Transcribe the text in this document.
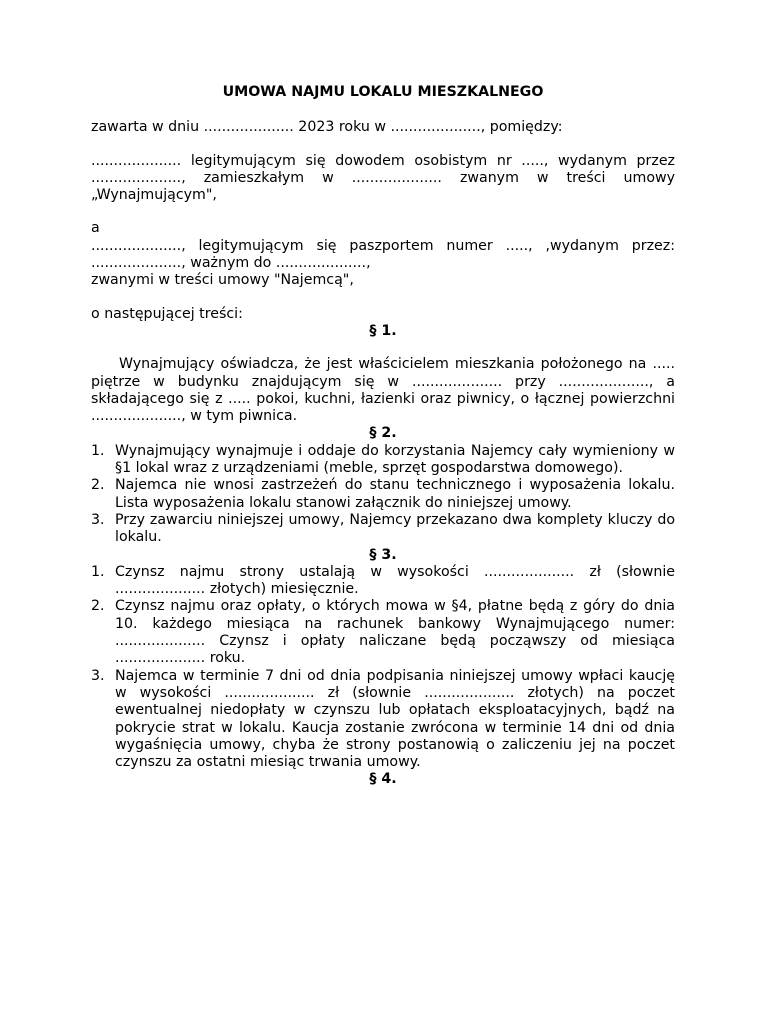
UMOWA NAJMU LOKALU MIESZKALNEGO

zawarta w dniu .................... 2023 roku w ...................., pomiędzy:

.................... legitymującym się dowodem osobistym nr ....., wydanym przez ...................., zamieszkałym w .................... zwanym w treści umowy „Wynajmującym",

a

...................., legitymującym się paszportem numer ....., ,wydanym przez: ...................., ważnym do ....................,

zwanymi w treści umowy "Najemcą",

o następującej treści:

§ 1.

Wynajmujący oświadcza, że jest właścicielem mieszkania położonego na ..... piętrze w budynku znajdującym się w .................... przy ...................., a składającego się z ..... pokoi, kuchni, łazienki oraz piwnicy, o łącznej powierzchni ...................., w tym piwnica.

§ 2.

1. Wynajmujący wynajmuje i oddaje do korzystania Najemcy cały wymieniony w §1 lokal wraz z urządzeniami (meble, sprzęt gospodarstwa domowego).
2. Najemca nie wnosi zastrzeżeń do stanu technicznego i wyposażenia lokalu. Lista wyposażenia lokalu stanowi załącznik do niniejszej umowy.
3. Przy zawarciu niniejszej umowy, Najemcy przekazano dwa komplety kluczy do lokalu.

§ 3.

1. Czynsz najmu strony ustalają w wysokości .................... zł (słownie .................... złotych) miesięcznie.
2. Czynsz najmu oraz opłaty, o których mowa w §4, płatne będą z góry do dnia 10. każdego miesiąca na rachunek bankowy Wynajmującego numer: .................... Czynsz i opłaty naliczane będą począwszy od miesiąca .................... roku.
3. Najemca w terminie 7 dni od dnia podpisania niniejszej umowy wpłaci kaucję w wysokości .................... zł (słownie .................... złotych) na poczet ewentualnej niedopłaty w czynszu lub opłatach eksploatacyjnych, bądź na pokrycie strat w lokalu. Kaucja zostanie zwrócona w terminie 14 dni od dnia wygaśnięcia umowy, chyba że strony postanowią o zaliczeniu jej na poczet czynszu za ostatni miesiąc trwania umowy.

§ 4.
